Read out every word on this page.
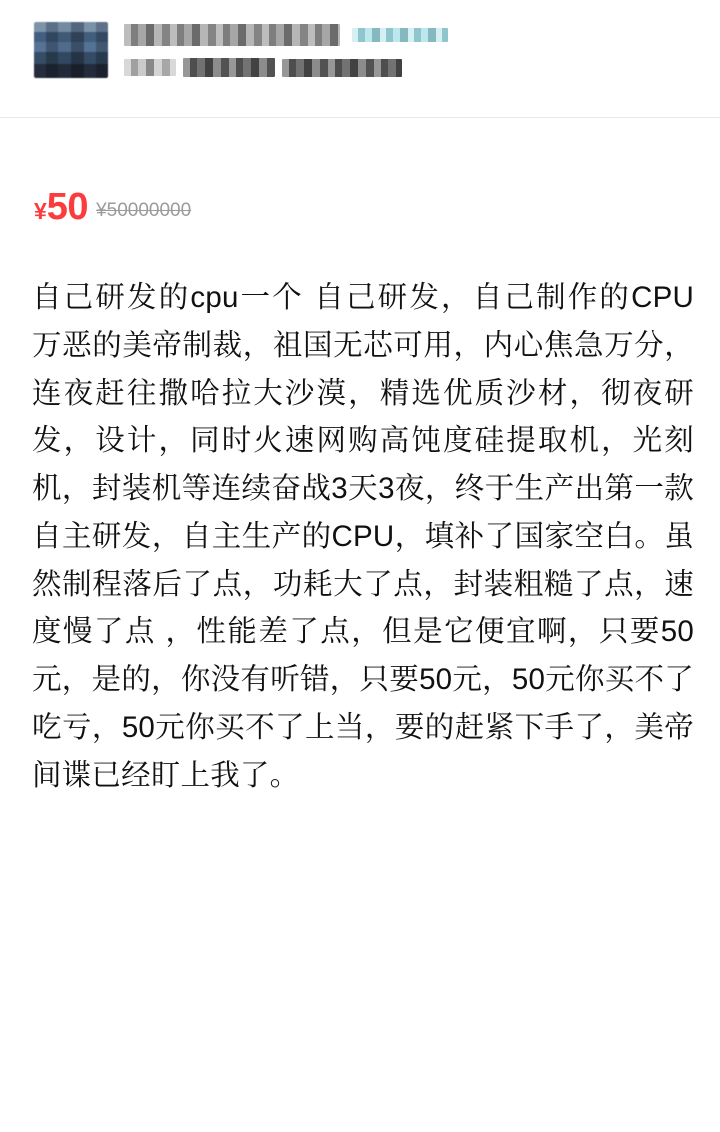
¥ 50 ¥50000000
自己研发的cpu一个 自己研发，自己制作的CPU 万恶的美帝制裁，祖国无芯可用，内心焦急万分，连夜赶往撒哈拉大沙漠，精选优质沙材，彻夜研发，设计，同时火速网购高饨度硅提取机，光刻机，封装机等连续奋战3天3夜，终于生产出第一款自主研发，自主生产的CPU，填补了国家空白。虽然制程落后了点，功耗大了点，封装粗糙了点，速度慢了点 ，性能差了点，但是它便宜啊，只要50元，是的，你没有听错，只要50元，50元你买不了吃亏，50元你买不了上当，要的赶紧下手了，美帝间谍已经盯上我了。
